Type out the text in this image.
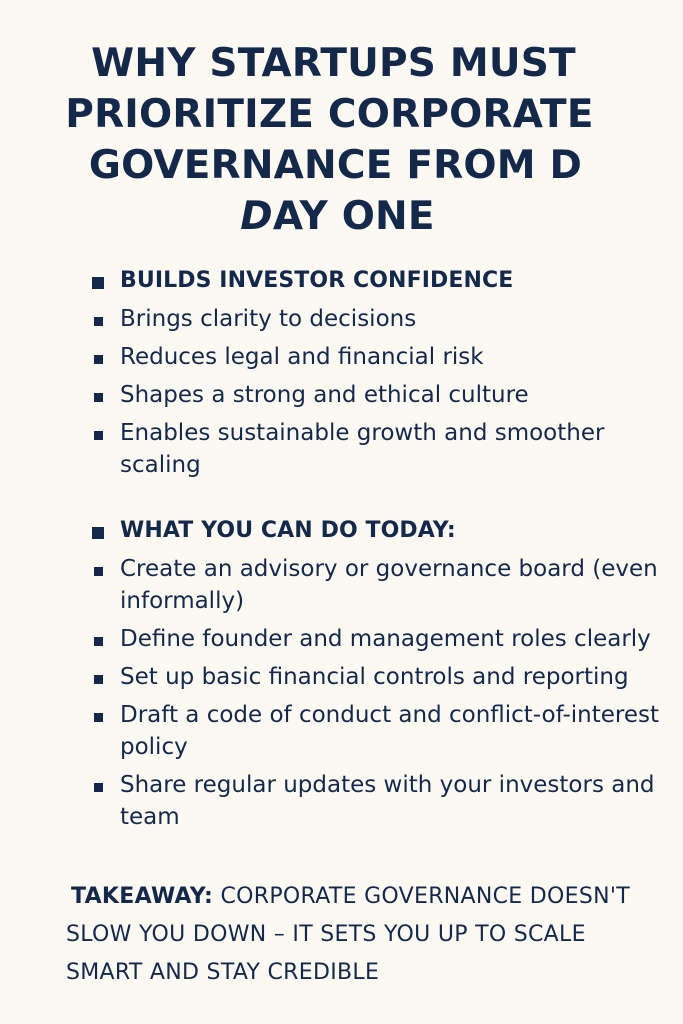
WHY STARTUPS MUST
PRIORITIZE CORPORATE
GOVERNANCE FROM D
DAY ONE
BUILDS INVESTOR CONFIDENCE
Brings clarity to decisions
Reduces legal and financial risk
Shapes a strong and ethical culture
Enables sustainable growth and smoother scaling
WHAT YOU CAN DO TODAY:
Create an advisory or governance board (even informally)
Define founder and management roles clearly
Set up basic financial controls and reporting
Draft a code of conduct and conflict-of-interest policy
Share regular updates with your investors and team

TAKEAWAY: CORPORATE GOVERNANCE DOESN'T SLOW YOU DOWN – IT SETS YOU UP TO SCALE SMART AND STAY CREDIBLE
